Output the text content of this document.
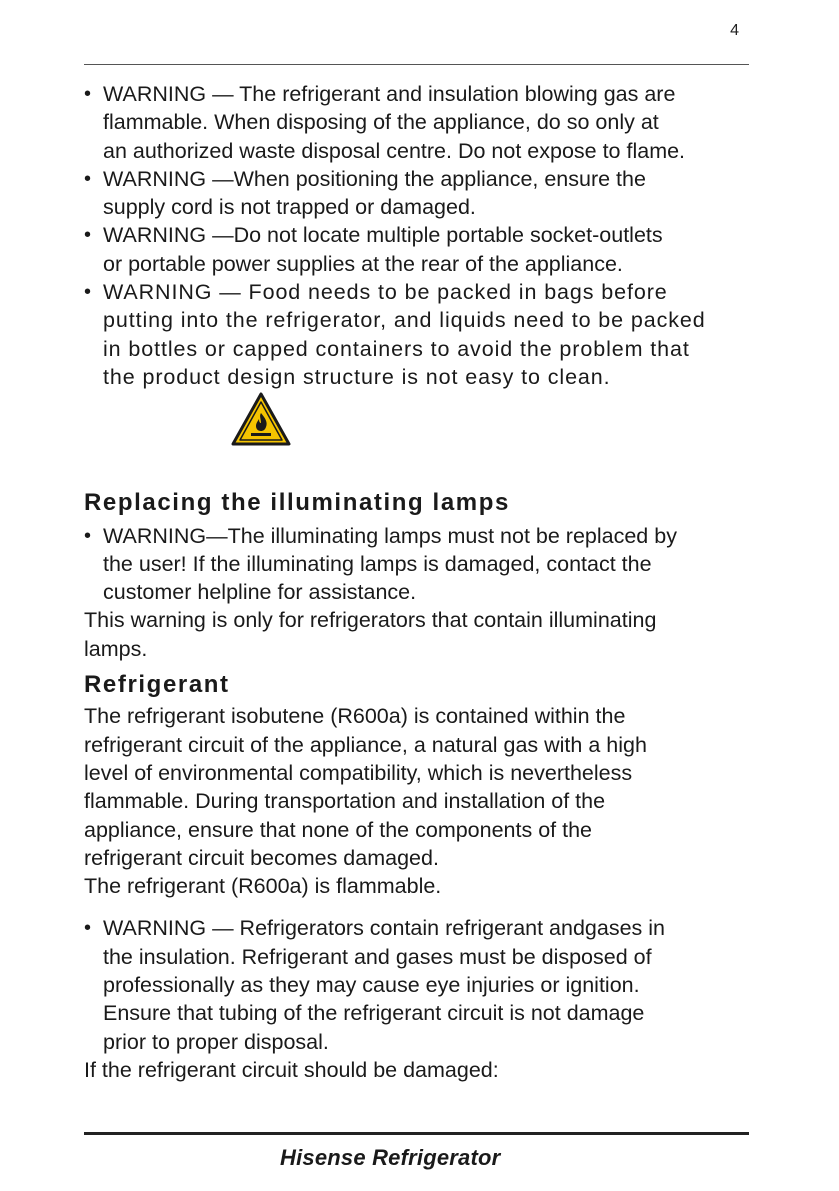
4
• WARNING — The refrigerant and insulation blowing gas are
flammable. When disposing of the appliance, do so only at
an authorized waste disposal centre. Do not expose to flame.
• WARNING —When positioning the appliance, ensure the
supply cord is not trapped or damaged.
• WARNING —Do not locate multiple portable socket-outlets
or portable power supplies at the rear of the appliance.
• WARNING — Food needs to be packed in bags before
putting into the refrigerator, and liquids need to be packed
in bottles or capped containers to avoid the problem that
the product design structure is not easy to clean.
Replacing the illuminating lamps
• WARNING—The illuminating lamps must not be replaced by
the user! If the illuminating lamps is damaged, contact the
customer helpline for assistance.
This warning is only for refrigerators that contain illuminating
lamps.
Refrigerant
The refrigerant isobutene (R600a) is contained within the
refrigerant circuit of the appliance, a natural gas with a high
level of environmental compatibility, which is nevertheless
flammable. During transportation and installation of the
appliance, ensure that none of the components of the
refrigerant circuit becomes damaged.
The refrigerant (R600a) is flammable.
• WARNING — Refrigerators contain refrigerant andgases in
the insulation. Refrigerant and gases must be disposed of
professionally as they may cause eye injuries or ignition.
Ensure that tubing of the refrigerant circuit is not damage
prior to proper disposal.
If the refrigerant circuit should be damaged:
Hisense Refrigerator
